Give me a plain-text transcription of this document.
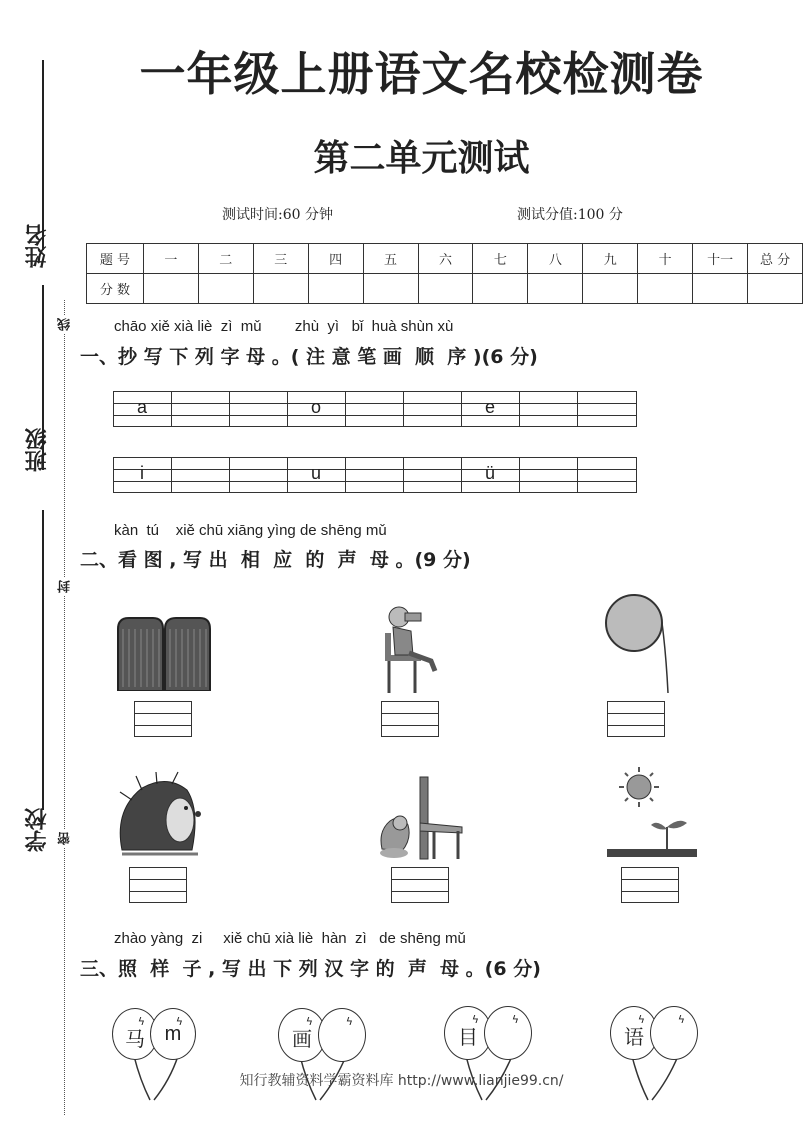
姓名
班级
学校
线
封
密
一年级上册语文名校检测卷
第二单元测试
测试时间:60 分钟	测试分值:100 分
题 号	一	二	三	四	五	六	七	八	九	十	十一	总 分
分 数												
chāo xiě xià liè  zì  mǔ        zhù  yì   bǐ  huà shùn xù
一、抄 写 下 列 字 母 。( 注 意 笔 画  顺  序 )(6 分)
a	o	e
i	u	ü
kàn  tú    xiě chū xiāng yìng de shēng mǔ
二、看 图 , 写 出  相  应  的  声  母 。(9 分)
zhào yàng  zi     xiě chū xià liè  hàn  zì   de shēng mǔ
三、照  样  子 , 写 出 下 列 汉 字 的  声  母 。(6 分)
ϟ
马
ϟ
m
ϟ
画
ϟ	ϟ
目
ϟ	ϟ
语
ϟ
知行教辅资料学霸资料库 http://www.lianjie99.cn/
